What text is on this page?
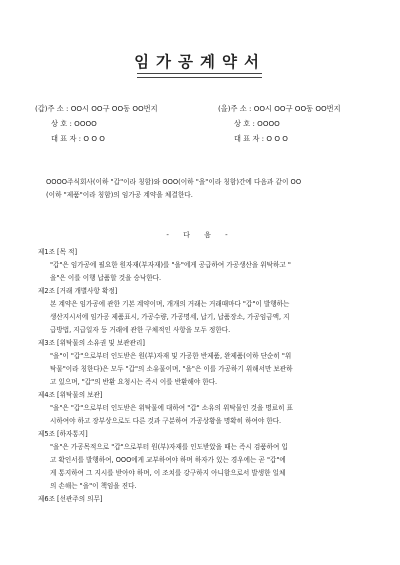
임가공계약서
(갑)주 소 : OO시 OO구 OO동 OO번지
상 호 : OOOO
대 표 자 : O O O
(을)주 소 : OO시 OO구 OO동 OO번지
상 호 : OOOO
대 표 자 : O O O
OOOO주식회사(이하 "갑"이라 칭함)와 OOO(이하 "을"이라 칭함)간에 다음과 같이 OO
(이하 "제품"이라 칭함)의 임가공 계약을 체결한다.
- 다 음 -
제1조 [목 적]
"갑"은 임가공에 필요한 원자재(부자재)를 "을"에게 공급하여 가공생산을 위탁하고 "
을"은 이를 이행 납품할 것을 승낙한다.
제2조 [거래 개별사항 확정]
본 계약은 임가공에 관한 기본 계약이며, 개개의 거래는 거래때마다 "갑"이 발행하는
생산지시서에 임가공 제품표시, 가공수량, 가공명세, 납기, 납품장소, 가공임금액, 지
급방법, 지급일자 등 거래에 관한 구체적인 사항을 모두 정한다.
제3조 [위탁물의 소유권 및 보관관리]
"을"이 "갑"으로부터 인도받은 원(부)자재 및 가공한 반제품, 완제품(이하 단순히 "위
탁물"이라 칭한다)은 모두 "갑"의 소유물이며, "을"은 이를 가공하기 위해서만 보관하
고 있으며, "갑"의 반환 요청시는 즉시 이를 반환해야 한다.
제4조 [위탁물의 보관]
"을"은 "갑"으로부터 인도받은 위탁물에 대하여 "갑" 소유의 위탁물인 것을 명료히 표
시하여야 하고 장부상으로도 다른 것과 구분하여 가공상황을 명확히 하여야 한다.
제5조 [하자통지]
"을"은 가공목적으로 "갑"으로부터 원(부)자재를 인도받았을 때는 즉시 검품하여 입
고 확인서를 발행하여, OOO에게 교부하여야 하며 하자가 있는 경우에는 곧 "갑"에
게 통지하여 그 지시를 받아야 하며, 이 조치를 강구하지 아니함으로서 발생한 일체
의 손해는 "을"이 책임을 진다.
제6조 [선관주의 의무]
